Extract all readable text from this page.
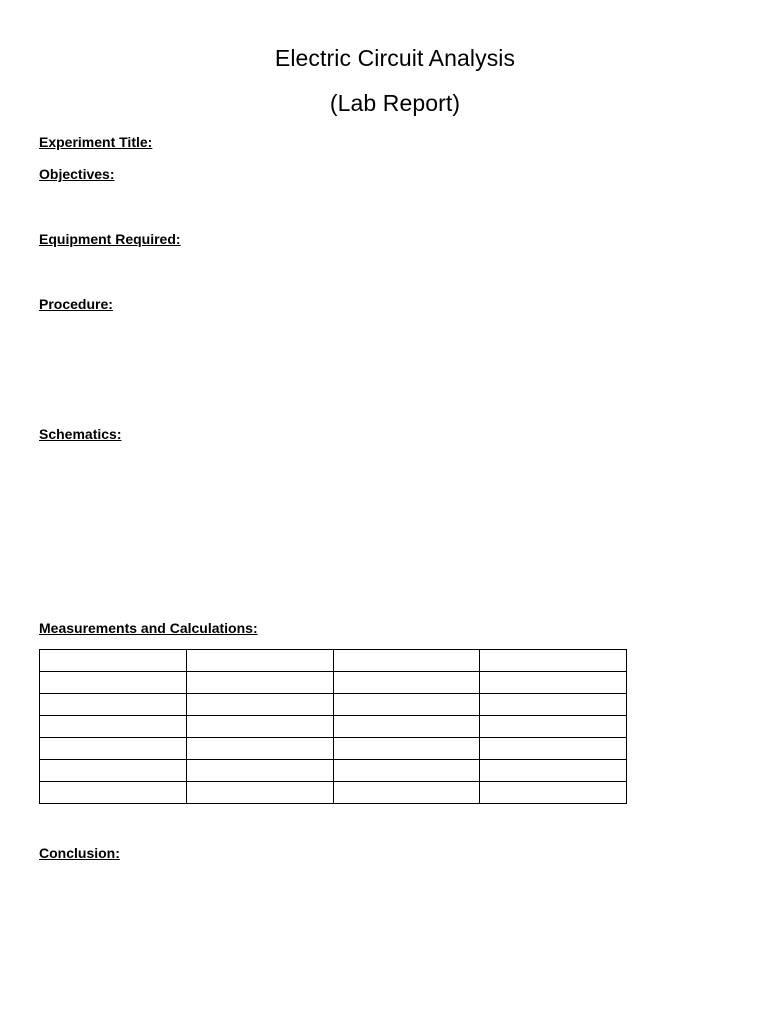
Electric Circuit Analysis
(Lab Report)

Experiment Title:

Objectives:

Equipment Required:

Procedure:

Schematics:

Measurements and Calculations:

Conclusion:
